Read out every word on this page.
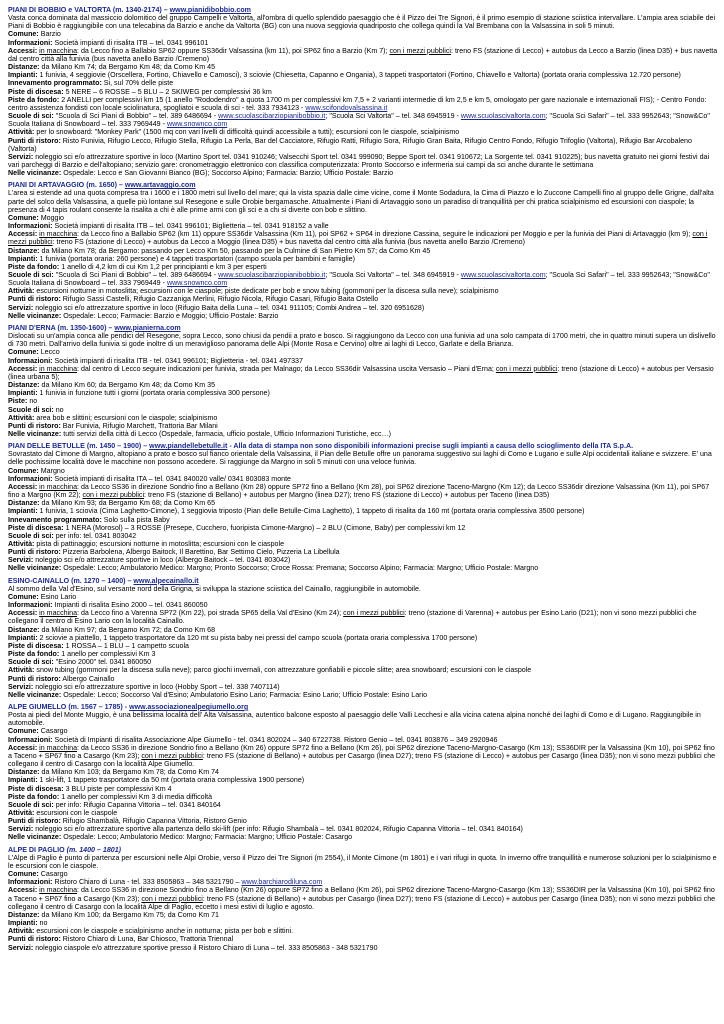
PIANI DI BOBBIO e VALTORTA (m. 1340-2174) – www.pianidibobbio.com

Vasta conca dominata dal massiccio dolomitico del gruppo Campelli e Valtorta, all'ombra di quello splendido paesaggio che è il Pizzo dei Tre Signori, è il primo esempio di stazione sciistica intervallare. L'ampia area sciabile dei Piani di Bobbio è raggiungibile con una telecabina da Barzio e anche da Valtorta (BG) con una nuova seggiovia quadriposto che collega quindi la Val Brembana con la Valsassina in soli 5 minuti.

Comune: Barzio

Informazioni: Società impianti di risalita ITB – tel. 0341 996101

Accessi: in macchina: da Lecco fino a Ballabio SP62 oppure SS36dir Valsassina (km 11), poi SP62 fino a Barzio (Km 7); con i mezzi pubblici: treno FS (stazione di Lecco) + autobus da Lecco a Barzio (linea D35) + bus navetta dal centro città alla funivia (bus navetta anello Barzio /Cremeno)

Distanze: da Milano Km 74; da Bergamo Km 48; da Como Km 45

Impianti: 1 funivia, 4 seggiovie (Orscellera, Fortino, Chiavello e Camosci), 3 sciovie (Chiesetta, Capanno e Ongania), 3 tappeti trasportatori (Fortino, Chiavello e Valtorta) (portata oraria complessiva 12.720 persone)

Innevamento programmato: Si, sul 70% delle piste

Piste di discesa: 5 NERE – 6 ROSSE – 5 BLU – 2 SKIWEG per complessivi 36 km

Piste da fondo: 2 ANELLI per complessivi km 15 (1 anello "Rododendro" a quota 1700 m per complessivi km 7,5 + 2 varianti intermedie di km 2,5 e km 5, omologato per gare nazionale e internazionali FIS); - Centro Fondo: centro assistenza fondisti con locale sciolinatura, spogliatoi e scuola di sci - tel. 333 7934123 - www.scifondovalsassina.it

Scuole di sci: "Scuola di Sci Piani di Bobbio" – tel. 389 6486694 - www.scuolascibarziopianibobbio.it; "Scuola Sci Valtorta" – tel. 348 6945919 - www.scuolascivaltorta.com; "Scuola Sci Safari" – tel. 333 9952643; "Snow&Co" Scuola Italiana di Snowboard – tel. 333 7969449 - www.snownco.com

Attività: per lo snowboard: "Monkey Park" (1500 mq con vari livelli di difficoltà quindi accessibile a tutti); escursioni con le ciaspole, scialpinismo

Punti di ristoro: Risto Funivia, Rifugio Lecco, Rifugio Stella, Rifugio La Perla, Bar del Cacciatore, Rifugio Ratti, Rifugio Sora, Rifugio Gran Baita, Rifugio Centro Fondo, Rifugio Trifoglio (Valtorta), Rifugio Bar Arcobaleno (Valtorta)

Servizi: noleggio sci e/o attrezzature sportive in loco (Martino Sport tel. 0341 910246; Valsecchi Sport tel. 0341 999090; Beppe Sport tel. 0341 910672; La Sorgente tel. 0341 910225); bus navetta gratuito nei giorni festivi dai vari parcheggi di Barzio e dell'altopiano; servizio gare: cronometraggio elettronico con classifica computerizzata: Pronto Soccorso e infermeria sui campi da sci anche durante le settimana

Nelle vicinanze: Ospedale: Lecco e San Giovanni Bianco (BG); Soccorso Alpino; Farmacia: Barzio; Ufficio Postale: Barzio

PIANI DI ARTAVAGGIO (m. 1650) – www.artavaggio.com

L'area si estende ad una quota compresa tra i 1600 e i 1800 metri sul livello del mare; qui la vista spazia dalle cime vicine, come il Monte Sodadura, la Cima di Piazzo e lo Zuccone Campelli fino al gruppo delle Grigne, dall'alta parte del solco della Valsassina, a quelle più lontane sul Resegone e sulle Orobie bergamasche. Attualmente i Piani di Artavaggio sono un paradiso di tranquillità per chi pratica scialpinismo ed escursioni con ciaspole; la presenza di 4 tapis roulant consente la risalita a chi è alle prime armi con gli sci e a chi si diverte con bob e slittino.

Comune: Moggio

Informazioni: Società impianti di risalita ITB – tel. 0341 996101; Biglietteria – tel. 0341 918152 a valle

Accessi: in macchina: da Lecco fino a Ballabio SP62 (km 11) oppure SS36dir Valsassina (Km 11), poi SP62 + SP64 in direzione Cassina, seguire le indicazioni per Moggio e per la funivia dei Piani di Artavaggio (km 9); con i mezzi pubblici: treno FS (stazione di Lecco) + autobus da Lecco a Moggio (linea D35) + bus navetta dal centro città alla funivia (bus navetta anello Barzio /Cremeno)

Distanze: da Milano Km 78; da Bergamo: passando per Lecco Km 50, passando per la Culmine di San Pietro Km 57; da Como Km 45

Impianti: 1 funivia (portata oraria: 260 persone) e 4 tappeti trasportatori (campo scuola per bambini e famiglie)

Piste da fondo: 1 anello di 4,2 km di cui Km 1,2 per principianti e km 3 per esperti

Scuole di sci: "Scuola di Sci Piani di Bobbio" – tel. 389 6486694 - www.scuolascibarziopianibobbio.it; "Scuola Sci Valtorta" – tel. 348 6945919 - www.scuolascivaltorta.com; "Scuola Sci Safari" – tel. 333 9952643; "Snow&Co" Scuola Italiana di Snowboard – tel. 333 7969449 - www.snownco.com

Attività: escursioni notturne in motoslitta; escursioni con le ciaspole; piste dedicate per bob e snow tubing (gommoni per la discesa sulla neve); scialpinismo

Punti di ristoro: Rifugio Sassi Castelli, Rifugio Cazzaniga Merlini, Rifugio Nicola, Rifugio Casari, Rifugio Baita Ostello

Servizi: noleggio sci e/o attrezzature sportive in loco (Rifugio Baita della Luna – tel. 0341 911105; Combi Andrea – tel. 320 6951628)

Nelle vicinanze: Ospedale: Lecco; Farmacie: Barzio e Moggio; Ufficio Postale: Barzio

PIANI D'ERNA (m. 1350-1600) – www.pianierna.com

Dislocati su un'ampia conca alle pendici del Resegone, sopra Lecco, sono chiusi da pendii a prato e bosco. Si raggiungono da Lecco con una funivia ad una solo campata di 1700 metri, che in quattro minuti supera un dislivello di 730 metri. Dall'arrivo della funivia si gode inoltre di un meraviglioso panorama delle Alpi (Monte Rosa e Cervino) oltre ai laghi di Lecco, Garlate e della Brianza.

Comune: Lecco

Informazioni: Società impianti di risalita ITB - tel. 0341 996101; Biglietteria - tel. 0341 497337

Accessi: in macchina: dal centro di Lecco seguire indicazioni per funivia, strada per Malnago; da Lecco SS36dir Valsassina uscita Versasio – Piani d'Erna; con i mezzi pubblici: treno (stazione di Lecco) + autobus per Versasio (linea urbana 5);

Distanze: da Milano Km 60; da Bergamo Km 48; da Como Km 35

Impianti: 1 funivia in funzione tutti i giorni (portata oraria complessiva 300 persone)

Piste: no

Scuole di sci: no

Attività: area bob e slittini; escursioni con le ciaspole; scialpinismo

Punti di ristoro: Bar Funivia, Rifugio Marchett, Trattoria Bar Milani

Nelle vicinanze: tutti servizi della città di Lecco (Ospedale, farmacia, ufficio postale, Ufficio Informazioni Turistiche, ecc…)

PIAN DELLE BETULLE (m. 1450 – 1900) – www.piandellebetulle.it - Alla data di stampa non sono disponibili informazioni precise sugli impianti a causa dello scioglimento della ITA S.p.A.

Sovrastato dal Cimone di Margno, altopiano a prato e bosco sul fianco orientale della Valsassina, il Pian delle Betulle offre un panorama suggestivo sui laghi di Como e Lugano e sulle Alpi occidentali italiane e svizzere. E' una delle pochissime località dove le macchine non possono accedere. Si raggiunge da Margno in soli 5 minuti con una veloce funivia.

Comune: Margno

Informazioni: Società impianti di risalita ITA – tel. 0341 840020 valle/ 0341 803083 monte

Accessi: in macchina: da Lecco SS36 in direzione Sondrio fino a Bellano (Km 28) oppure SP72 fino a Bellano (Km 28), poi SP62 direzione Taceno-Margno (Km 12); da Lecco SS36dir direzione Valsassina (Km 11), poi SP67 fino a Margno (Km 22); con i mezzi pubblici: treno FS (stazione di Bellano) + autobus per Margno (linea D27); treno FS (stazione di Lecco) + autobus per Taceno (linea D35)

Distanze: da Milano Km 93; da Bergamo Km 68; da Como Km 65

Impianti: 1 funivia, 1 sciovia (Cima Laghetto-Cimone), 1 seggiovia triposto (Pian delle Betulle-Cima Laghetto), 1 tappeto di risalita da 160 mt (portata oraria complessiva 3500 persone)

Innevamento programmato: Solo sulla pista Baby

Piste di discesa: 1 NERA (Morosol) – 3 ROSSE (Presepe, Cucchero, fuoripista Cimone-Margno) – 2 BLU (Cimone, Baby) per complessivi km 12

Scuole di sci: per info: tel. 0341 803042

Attività: pista di pattinaggio; escursioni notturne in motoslitta; escursioni con le ciaspole

Punti di ristoro: Pizzeria Barbolena, Albergo Baitock, Il Barettino, Bar Settimo Cielo, Pizzeria La Libellula

Servizi: noleggio sci e/o attrezzature sportive in loco (Albergo Baitock – tel. 0341 803042)

Nelle vicinanze: Ospedale: Lecco; Ambulatorio Medico: Margno; Pronto Soccorso; Croce Rossa: Premana; Soccorso Alpino; Farmacia: Margno; Ufficio Postale: Margno

ESINO-CAINALLO (m. 1270 – 1400) – www.alpecainallo.it

Al sommo della Val d'Esino, sul versante nord della Grigna, si sviluppa la stazione sciistica del Cainallo, raggiungibile in automobile.

Comune: Esino Lario

Informazioni: Impianti di risalita Esino 2000 – tel. 0341 860050

Accessi: in macchina: da Lecco fino a Varenna SP72 (Km 22), poi strada SP65 della Val d'Esino (Km 24); con i mezzi pubblici: treno (stazione di Varenna) + autobus per Esino Lario (D21); non vi sono mezzi pubblici che collegano il centro di Esino Lario con la località Cainallo.

Distanze: da Milano Km 97; da Bergamo Km 72; da Como Km 68

Impianti: 2 sciovie a piattello, 1 tappeto trasportatore da 120 mt su pista baby nei pressi del campo scuola (portata oraria complessiva 1700 persone)

Piste di discesa: 1 ROSSA – 1 BLU – 1 campetto scuola

Piste da fondo: 1 anello per complessivi Km 3

Scuole di sci: "Esino 2000" tel. 0341 860050

Attività: snow tubing (gommoni per la discesa sulla neve); parco giochi invernali, con attrezzature gonfiabili e piccole slitte; area snowboard; escursioni con le ciaspole

Punti di ristoro: Albergo Cainallo

Servizi: noleggio sci e/o attrezzature sportive in loco (Hobby Sport – tel. 338 7407114)

Nelle vicinanze: Ospedale: Lecco; Soccorso Val d'Esino; Ambulatorio Esino Lario; Farmacia: Esino Lario; Ufficio Postale: Esino Lario

ALPE GIUMELLO (m. 1567 – 1785) - www.associazionealpegiumello.org

Posta ai piedi del Monte Muggio, è una bellissima località dell' Alta Valsassina, autentico balcone esposto al paesaggio delle Valli Lecchesi e alla vicina catena alpina nonché dei laghi di Como e di Lugano. Raggiungibile in automobile.

Comune: Casargo

Informazioni: Società di Impianti di risalita Associazione Alpe Giumello - tel. 0341 802024 – 340 6722738. Ristoro Genio – tel. 0341 803876 – 349 2920946

Accessi: in macchina: da Lecco SS36 in direzione Sondrio fino a Bellano (Km 26) oppure SP72 fino a Bellano (Km 26), poi SP62 direzione Taceno-Margno-Casargo (Km 13); SS36DIR per la Valsassina (Km 10), poi SP62 fino a Taceno + SP67 fino a Casargo (Km 23); con i mezzi pubblici: treno FS (stazione di Bellano) + autobus per Casargo (linea D27); treno FS (stazione di Lecco) + autobus per Casargo (linea D35); non vi sono mezzi pubblici che collegano il centro di Casargo con la località Alpe Giumello.

Distanze: da Milano Km 103; da Bergamo Km 78; da Como Km 74

Impianti: 1 ski-lift, 1 tappeto trasportatore da 50 mt (portata oraria complessiva 1900 persone)

Piste di discesa: 3 BLU piste per complessivi Km 4

Piste da fondo: 1 anello per complessivi Km 3 di media difficoltà

Scuole di sci: per info: Rifugio Capanna Vittoria – tel. 0341 840164

Attività: escursioni con le ciaspole

Punti di ristoro: Rifugio Shambalà, Rifugio Capanna Vittoria, Ristoro Genio

Servizi: noleggio sci e/o attrezzature sportive alla partenza dello ski-lift (per info: Rifugio Shambalà – tel. 0341 802024, Rifugio Capanna Vittoria – tel. 0341 840164)

Nelle vicinanze: Ospedale: Lecco; Ambulatorio Medico: Margno; Farmacia: Margno; Ufficio Postale: Casargo

ALPE DI PAGLIO (m. 1400 – 1801)

L'Alpe di Paglio è punto di partenza per escursioni nelle Alpi Orobie, verso il Pizzo dei Tre Signori (m 2554), il Monte Cimone (m 1801) e i vari rifugi in quota. In inverno offre tranquillità e numerose soluzioni per lo scialpinismo e le escursioni con le ciaspole.

Comune: Casargo

Informazioni: Ristoro Chiaro di Luna - tel. 333 8505863 – 348 5321790 – www.barchiarodiluna.com

Accessi: in macchina: da Lecco SS36 in direzione Sondrio fino a Bellano (Km 26) oppure SP72 fino a Bellano (Km 26), poi SP62 direzione Taceno-Margno-Casargo (Km 13); SS36DIR per la Valsassina (Km 10), poi SP62 fino a Taceno + SP67 fino a Casargo (Km 23); con i mezzi pubblici: treno FS (stazione di Bellano) + autobus per Casargo (linea D27); treno FS (stazione di Lecco) + autobus per Casargo (linea D35); non vi sono mezzi pubblici che collegano il centro di Casargo con la località Alpe di Paglio, eccetto i mesi estivi di luglio e agosto.

Distanze: da Milano Km 100; da Bergamo Km 75; da Como Km 71

Impianti: no

Attività: escursioni con le ciaspole e scialpinismo anche in notturna; pista per bob e slittini.

Punti di ristoro: Ristoro Chiaro di Luna, Bar Chiosco, Trattoria Triennal

Servizi: noleggio ciaspole e/o attrezzature sportive presso il Ristoro Chiaro di Luna – tel. 333 8505863 - 348 5321790
